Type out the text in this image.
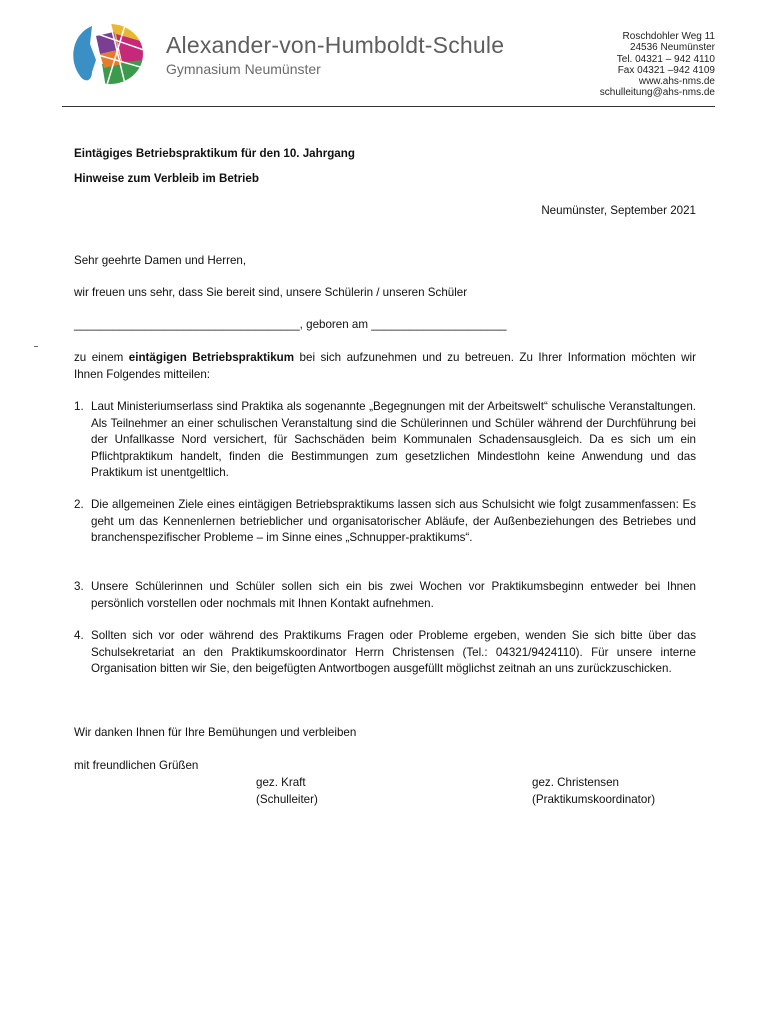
Alexander-von-Humboldt-Schule
Gymnasium Neumünster
Roschdohler Weg 11
24536 Neumünster
Tel. 04321 – 942 4110
Fax 04321 –942 4109
www.ahs-nms.de
schulleitung@ahs-nms.de
Eintägiges Betriebspraktikum für den 10. Jahrgang
Hinweise zum Verbleib im Betrieb
Neumünster, September 2021
Sehr geehrte Damen und Herren,
wir freuen uns sehr, dass Sie bereit sind, unsere Schülerin / unseren Schüler
___________________________________, geboren am _____________________
zu einem eintägigen Betriebspraktikum bei sich aufzunehmen und zu betreuen. Zu Ihrer Information möchten wir Ihnen Folgendes mitteilen:
1. Laut Ministeriumserlass sind Praktika als sogenannte „Begegnungen mit der Arbeitswelt“ schulische Veranstaltungen. Als Teilnehmer an einer schulischen Veranstaltung sind die Schülerinnen und Schüler während der Durchführung bei der Unfallkasse Nord versichert, für Sachschäden beim Kommunalen Schadensausgleich. Da es sich um ein Pflichtpraktikum handelt, finden die Bestimmungen zum gesetzlichen Mindestlohn keine Anwendung und das Praktikum ist unentgeltlich.
2. Die allgemeinen Ziele eines eintägigen Betriebspraktikums lassen sich aus Schulsicht wie folgt zusammenfassen: Es geht um das Kennenlernen betrieblicher und organisatorischer Abläufe, der Außenbeziehungen des Betriebes und branchenspezifischer Probleme – im Sinne eines „Schnupper-praktikums“.
3. Unsere Schülerinnen und Schüler sollen sich ein bis zwei Wochen vor Praktikumsbeginn entweder bei Ihnen persönlich vorstellen oder nochmals mit Ihnen Kontakt aufnehmen.
4. Sollten sich vor oder während des Praktikums Fragen oder Probleme ergeben, wenden Sie sich bitte über das Schulsekretariat an den Praktikumskoordinator Herrn Christensen (Tel.: 04321/9424110). Für unsere interne Organisation bitten wir Sie, den beigefügten Antwortbogen ausgefüllt möglichst zeitnah an uns zurückzuschicken.
Wir danken Ihnen für Ihre Bemühungen und verbleiben
mit freundlichen Grüßen
gez. Kraft
(Schulleiter)
gez. Christensen
(Praktikumskoordinator)
